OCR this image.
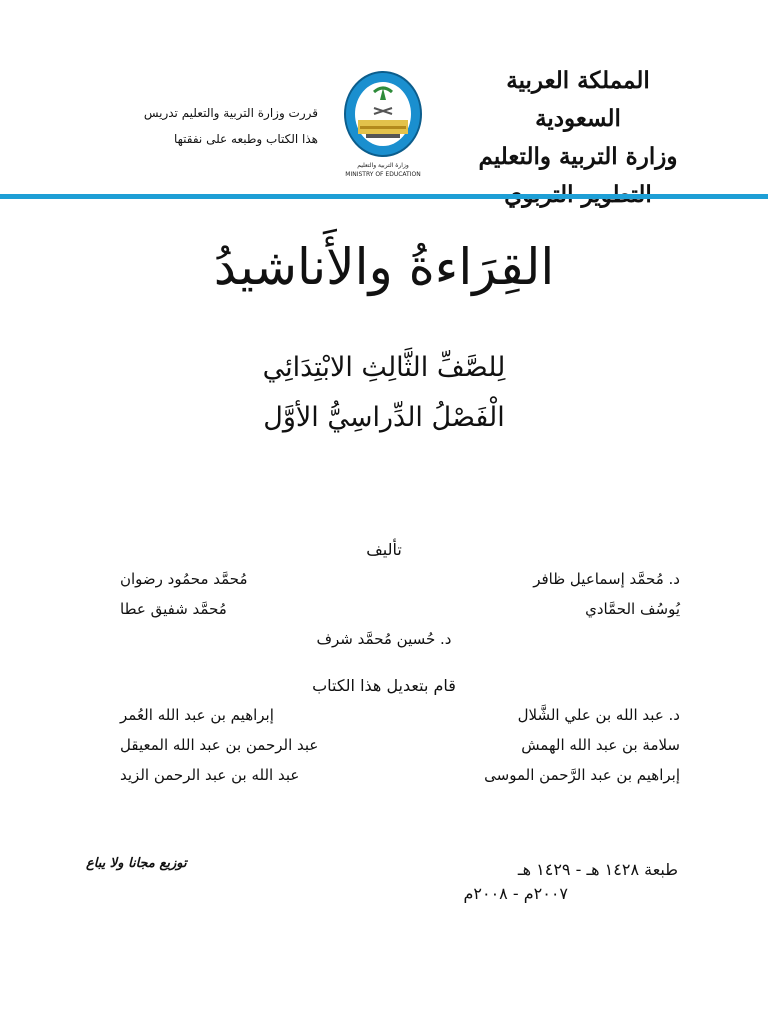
المملكة العربية السعودية
وزارة التربية والتعليم
وزارة التربية والتعليم
MINISTRY OF EDUCATION
قررت وزارة التربية والتعليم تدريس
هذا الكتاب وطبعه على نفقتها
القِرَاءةُ والأَناشيدُ
لِلصَّفِّ الثَّالِثِ الابْتِدَائِي
الْفَصْلُ الدِّراسِيُّ الأوَّل
تأليف
د. مُحمَّد إسماعيل ظافر
مُحمَّد محمُود رضوان
يُوسُف الحمَّادي
مُحمَّد شفيق عطا
د. حُسين مُحمَّد شرف
قام بتعديل هذا الكتاب
د. عبد الله بن علي الشَّلال
إبراهيم بن عبد الله العُمر
سلامة بن عبد الله الهمش
عبد الرحمن بن عبد الله المعيقل
إبراهيم بن عبد الرَّحمن الموسى
عبد الله بن عبد الرحمن الزيد
طبعة ١٤٢٨ هـ - ١٤٢٩ هـ
٢٠٠٧م - ٢٠٠٨م
توزيع مجانا ولا يباع
